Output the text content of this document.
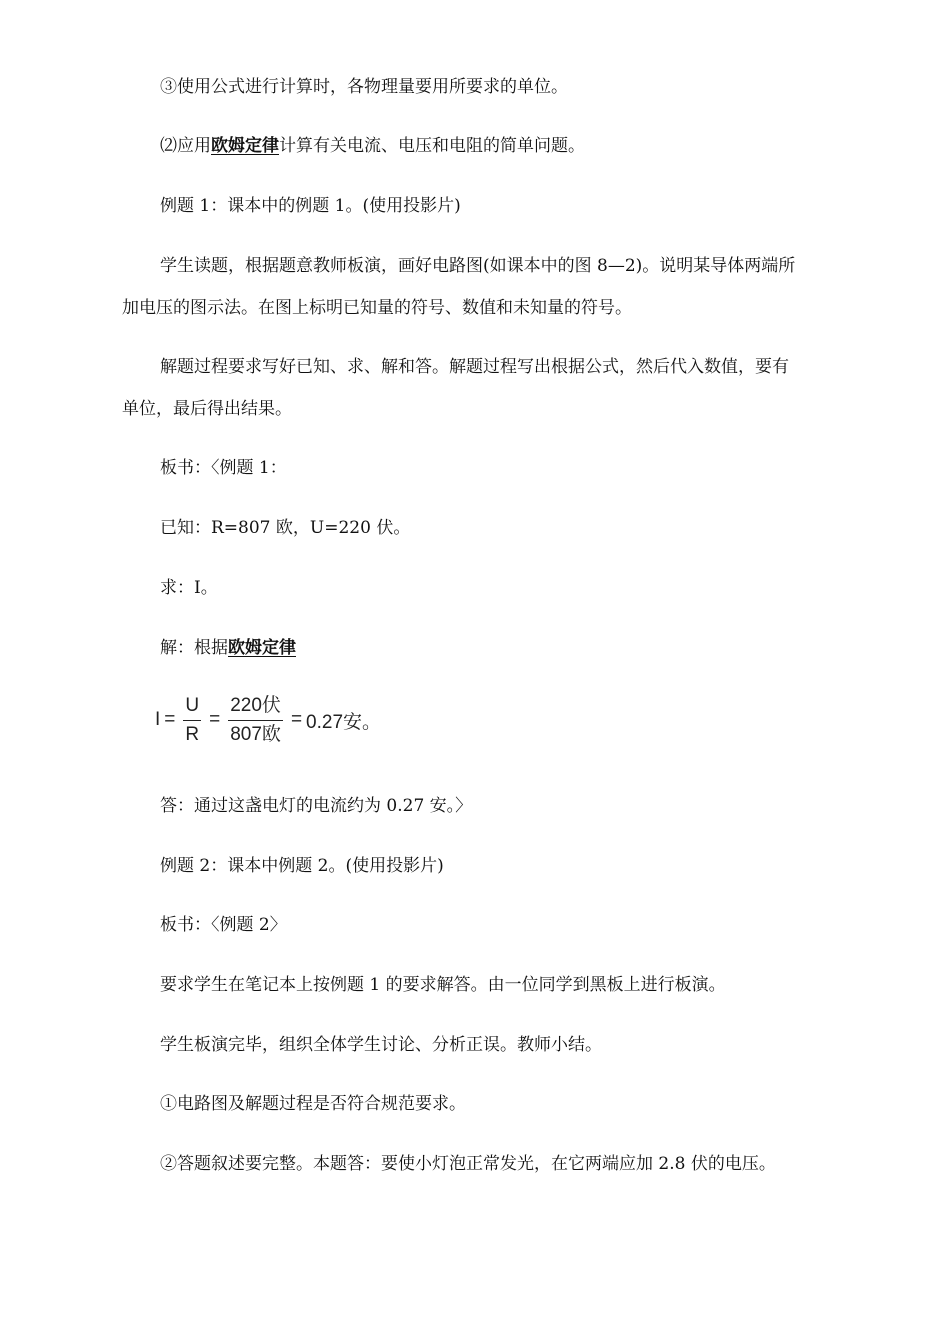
③使用公式进行计算时，各物理量要用所要求的单位。
⑵应用欧姆定律计算有关电流、电压和电阻的简单问题。
例题 1：课本中的例题 1。(使用投影片)
学生读题，根据题意教师板演，画好电路图(如课本中的图 8—2)。说明某导体两端所
加电压的图示法。在图上标明已知量的符号、数值和未知量的符号。
解题过程要求写好已知、求、解和答。解题过程写出根据公式，然后代入数值，要有
单位，最后得出结果。
板书：〈例题 1：
已知：R=807 欧，U=220 伏。
求：I。
解：根据欧姆定律
$I = \frac{U}{R} = \frac{\text{220伏}}{\text{807欧}} = 0.27$安。
答：通过这盏电灯的电流约为 0.27 安。〉
例题 2：课本中例题 2。(使用投影片)
板书：〈例题 2〉
要求学生在笔记本上按例题 1 的要求解答。由一位同学到黑板上进行板演。
学生板演完毕，组织全体学生讨论、分析正误。教师小结。
①电路图及解题过程是否符合规范要求。
②答题叙述要完整。本题答：要使小灯泡正常发光，在它两端应加 2.8 伏的电压。
